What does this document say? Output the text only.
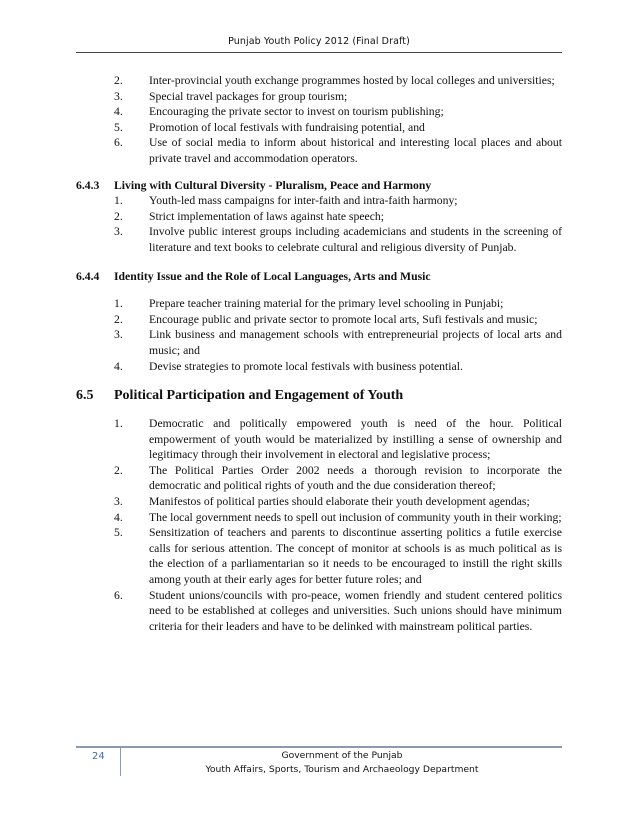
Punjab Youth Policy 2012 (Final Draft)

2. Inter-provincial youth exchange programmes hosted by local colleges and universities;

3. Special travel packages for group tourism;

4. Encouraging the private sector to invest on tourism publishing;

5. Promotion of local festivals with fundraising potential, and

6. Use of social media to inform about historical and interesting local places and about private travel and accommodation operators.

6.4.3 Living with Cultural Diversity - Pluralism, Peace and Harmony

1. Youth-led mass campaigns for inter-faith and intra-faith harmony;

2. Strict implementation of laws against hate speech;

3. Involve public interest groups including academicians and students in the screening of literature and text books to celebrate cultural and religious diversity of Punjab.

6.4.4 Identity Issue and the Role of Local Languages, Arts and Music

1. Prepare teacher training material for the primary level schooling in Punjabi;

2. Encourage public and private sector to promote local arts, Sufi festivals and music;

3. Link business and management schools with entrepreneurial projects of local arts and music; and

4. Devise strategies to promote local festivals with business potential.

6.5 Political Participation and Engagement of Youth

1. Democratic and politically empowered youth is need of the hour. Political empowerment of youth would be materialized by instilling a sense of ownership and legitimacy through their involvement in electoral and legislative process;

2. The Political Parties Order 2002 needs a thorough revision to incorporate the democratic and political rights of youth and the due consideration thereof;

3. Manifestos of political parties should elaborate their youth development agendas;

4. The local government needs to spell out inclusion of community youth in their working;

5. Sensitization of teachers and parents to discontinue asserting politics a futile exercise calls for serious attention. The concept of monitor at schools is as much political as is the election of a parliamentarian so it needs to be encouraged to instill the right skills among youth at their early ages for better future roles; and

6. Student unions/councils with pro-peace, women friendly and student centered politics need to be established at colleges and universities. Such unions should have minimum criteria for their leaders and have to be delinked with mainstream political parties.

24	Government of the Punjab
Youth Affairs, Sports, Tourism and Archaeology Department
